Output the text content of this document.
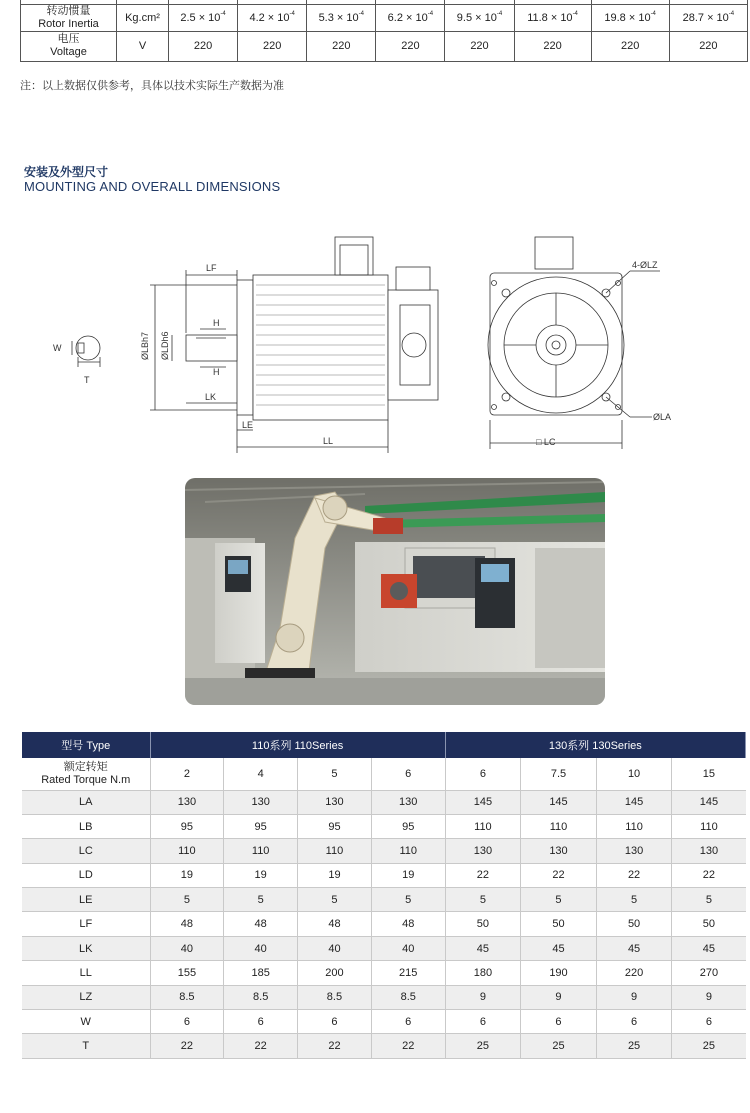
转动惯量
Rotor Inertia	Kg.cm²	$2.5 \times 10^{-4}$	$4.2 \times 10^{-4}$	$5.3 \times 10^{-4}$	$6.2 \times 10^{-4}$	$9.5 \times 10^{-4}$	$11.8 \times 10^{-4}$	$19.8 \times 10^{-4}$	$28.7 \times 10^{-4}$

电压
Voltage	V	220	220	220	220	220	220	220	220
注：以上数据仅供参考，具体以技术实际生产数据为准
安装及外型尺寸
MOUNTING AND OVERALL DIMENSIONS
W
T
LF
ØLBh7 ØLDh6
H
H
LK
LE
LL
4-ØLZ
ØLA
□ LC
型号 Type	110系列 110Series				130系列 130Series			

额定转矩
Rated Torque N.m	2	4	5	6	6	7.5	10	15
LA	130	130	130	130	145	145	145	145
LB	95	95	95	95	110	110	110	110
LC	110	110	110	110	130	130	130	130
LD	19	19	19	19	22	22	22	22
LE	5	5	5	5	5	5	5	5
LF	48	48	48	48	50	50	50	50
LK	40	40	40	40	45	45	45	45
LL	155	185	200	215	180	190	220	270
LZ	8.5	8.5	8.5	8.5	9	9	9	9
W	6	6	6	6	6	6	6	6
T	22	22	22	22	25	25	25	25
